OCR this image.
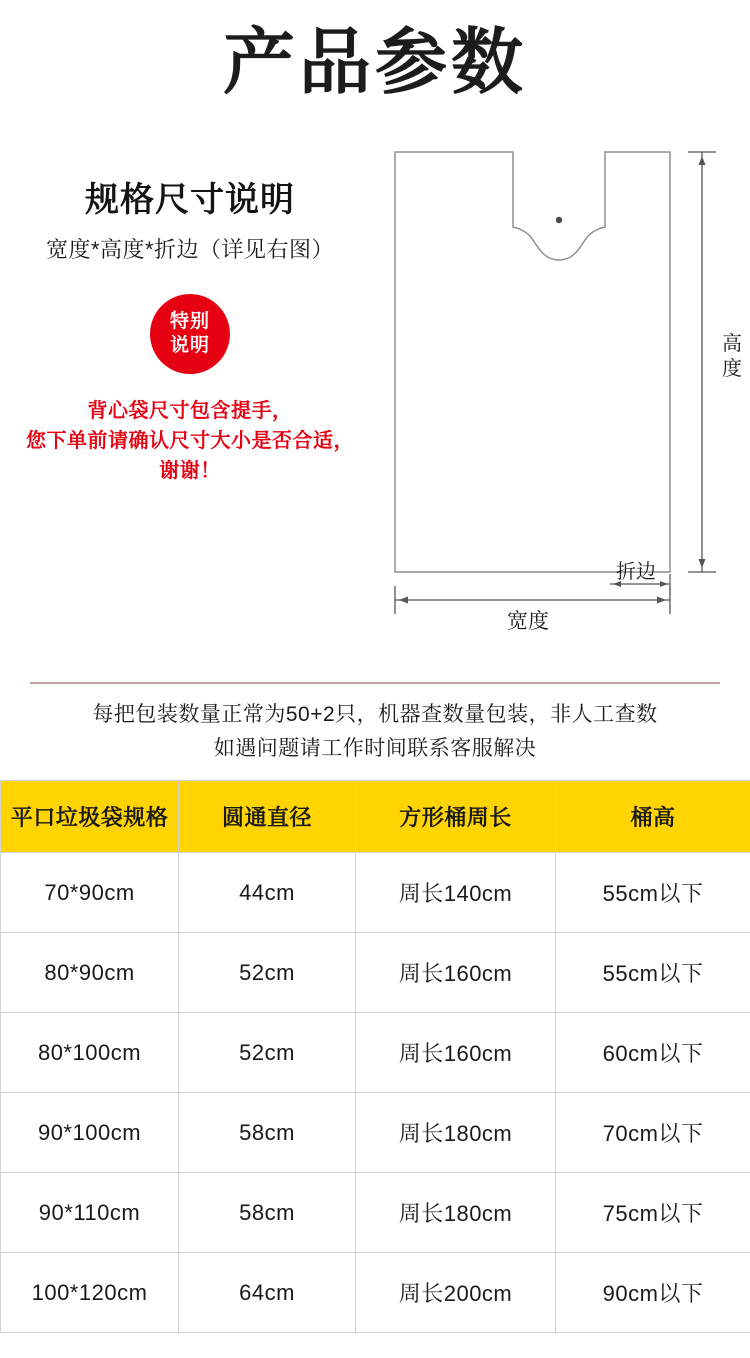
产品参数
规格尺寸说明
宽度*高度*折边（详见右图）
特别
说明
背心袋尺寸包含提手，
您下单前请确认尺寸大小是否合适，
谢谢！
高
度
宽度
折边
每把包装数量正常为50+2只，机器查数量包装，非人工查数
如遇问题请工作时间联系客服解决
平口垃圾袋规格	圆通直径	方形桶周长	桶高
70*90cm	44cm	周长140cm	55cm以下
80*90cm	52cm	周长160cm	55cm以下
80*100cm	52cm	周长160cm	60cm以下
90*100cm	58cm	周长180cm	70cm以下
90*110cm	58cm	周长180cm	75cm以下
100*120cm	64cm	周长200cm	90cm以下
